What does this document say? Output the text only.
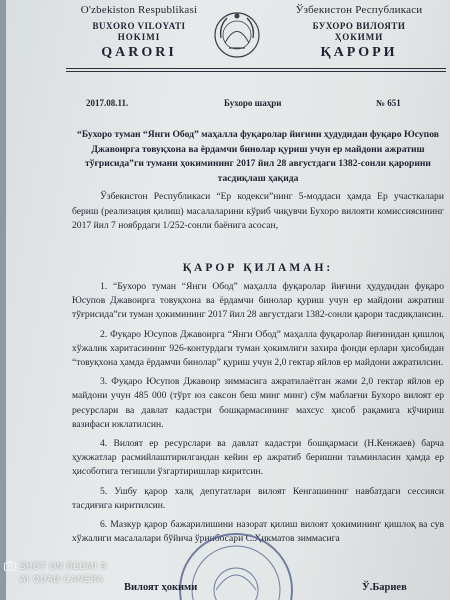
O'zbekiston Respublikasi
BUXORO VILOYATI
HOKIMI
QARORI
Ўзбекистон Республикаси
БУХОРО ВИЛОЯТИ
ҲОКИМИ
ҚАРОРИ
2017.08.11.	Бухоро шаҳри	№ 651
“Бухоро туман “Янги Обод” маҳалла фуқаролар йиғини ҳудудидан фуқаро Юсупов Джавоирга товуқхона ва ёрдамчи бинолар қуриш учун ер майдони ажратиш тўғрисида”ги тумани ҳокимининг 2017 йил 28 августдаги 1382-сонли қарорини тасдиқлаш ҳақида
Ўзбекистон Республикаси “Ер кодекси”нинг 5-моддаси ҳамда Ер участкалари бериш (реализация қилиш) масалаларини кўриб чиқувчи Бухоро вилояти комиссиясининг 2017 йил 7 ноябрдаги 1/252-сонли баёнига асосан,
ҚАРОР ҚИЛАМАН:
1. “Бухоро туман “Янги Обод” маҳалла фуқаролар йиғини ҳудудидан фуқаро Юсупов Джавоирга товуқхона ва ёрдамчи бинолар қуриш учун ер майдони ажратиш тўғрисида”ги туман ҳокимининг 2017 йил 28 августдаги 1382-сонли қарори тасдиқлансин.
2. Фуқаро Юсупов Джавоирга “Янги Обод” маҳалла фуқаролар йиғинидан қишлоқ хўжалик харитасининг 926-контурдаги туман ҳокимлиги захира фонди ерлари ҳисобидан “товуқхона ҳамда ёрдамчи бинолар” қуриш учун 2,0 гектар яйлов ер майдони ажратилсин.
3. Фуқаро Юсупов Джавоир зиммасига ажратилаётган жами 2,0 гектар яйлов ер майдони учун 485 000 (тўрт юз саксон беш минг минг) сўм маблағни Бухоро вилоят ер ресурслари ва давлат кадастри бошқармасининг махсус ҳисоб рақамига кўчириш вазифаси юклатилсин.
4. Вилоят ер ресурслари ва давлат кадастри бошқармаси (Н.Кенжаев) барча ҳужжатлар расмийлаштирилгандан кейин ер ажратиб беришни таъминласин ҳамда ер ҳисоботига тегишли ўзгартиришлар киритсин.
5. Ушбу қарор халқ депутатлари вилоят Кенгашининг навбатдаги сессияси тасдиғига киритилсин.
6. Мазкур қарор бажарилишини назорат қилиш вилоят ҳокимининг қишлоқ ва сув хўжалиги масалалари бўйича ўринбосари С.Ҳикматов зиммасига
Вилоят ҳокими	Ў.Бариев
SHOT ON REDMI 9
AI QUAD CAMERA
